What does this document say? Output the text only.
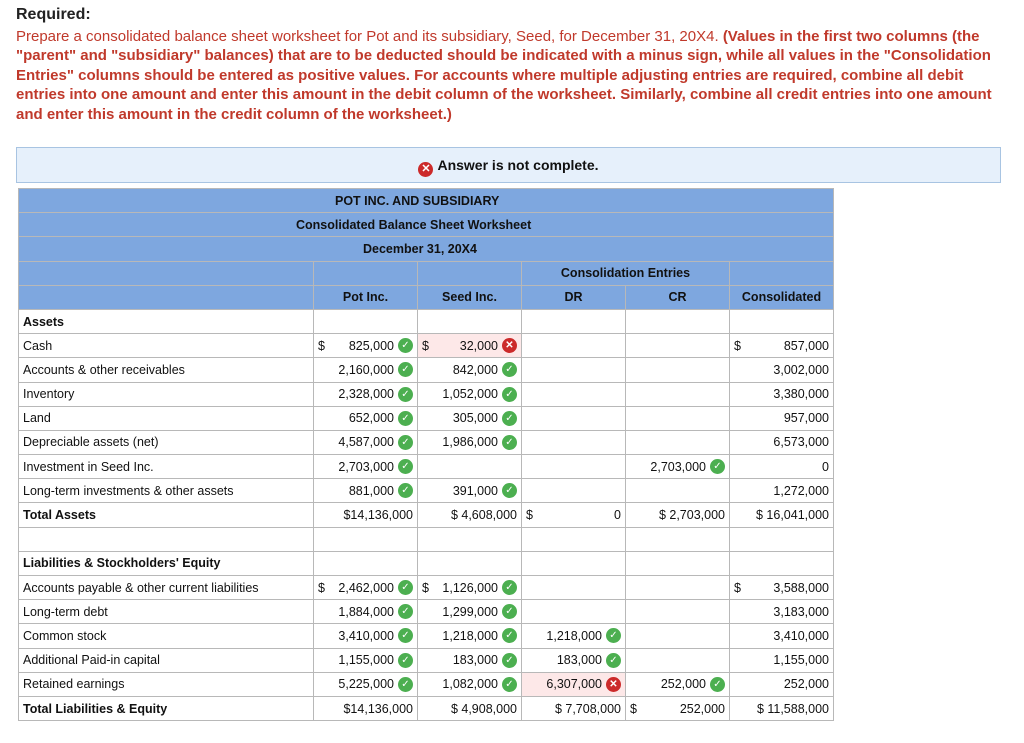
Required:
Prepare a consolidated balance sheet worksheet for Pot and its subsidiary, Seed, for December 31, 20X4. (Values in the first two columns (the "parent" and "subsidiary" balances) that are to be deducted should be indicated with a minus sign, while all values in the "Consolidation Entries" columns should be entered as positive values. For accounts where multiple adjusting entries are required, combine all debit entries into one amount and enter this amount in the debit column of the worksheet. Similarly, combine all credit entries into one amount and enter this amount in the credit column of the worksheet.)
✕ Answer is not complete.
POT INC. AND SUBSIDIARY					
Consolidated Balance Sheet Worksheet					
December 31, 20X4					
			Consolidation Entries		
	Pot Inc.	Seed Inc.	DR	CR	Consolidated
Assets					
Cash	$ 825,000 ✓	$ 32,000 ✕			$ 857,000

Accounts & other receivables	2,160,000 ✓	842,000 ✓			3,002,000

Inventory	2,328,000 ✓	1,052,000 ✓			3,380,000

Land	652,000 ✓	305,000 ✓			957,000

Depreciable assets (net)	4,587,000 ✓	1,986,000 ✓			6,573,000

Investment in Seed Inc.	2,703,000 ✓			2,703,000 ✓	0

Long-term investments & other assets	881,000 ✓	391,000 ✓			1,272,000

Total Assets	$14,136,000	$ 4,608,000	$ 0	$ 2,703,000	$ 16,041,000

Liabilities & Stockholders' Equity					
Accounts payable & other current liabilities	$ 2,462,000 ✓	$ 1,126,000 ✓			$ 3,588,000

Long-term debt	1,884,000 ✓	1,299,000 ✓			3,183,000

Common stock	3,410,000 ✓	1,218,000 ✓	1,218,000 ✓		3,410,000

Additional Paid-in capital	1,155,000 ✓	183,000 ✓	183,000 ✓		1,155,000

Retained earnings	5,225,000 ✓	1,082,000 ✓	6,307,000 ✕	252,000 ✓	252,000

Total Liabilities & Equity	$14,136,000	$ 4,908,000	$ 7,708,000	$ 252,000	$ 11,588,000
